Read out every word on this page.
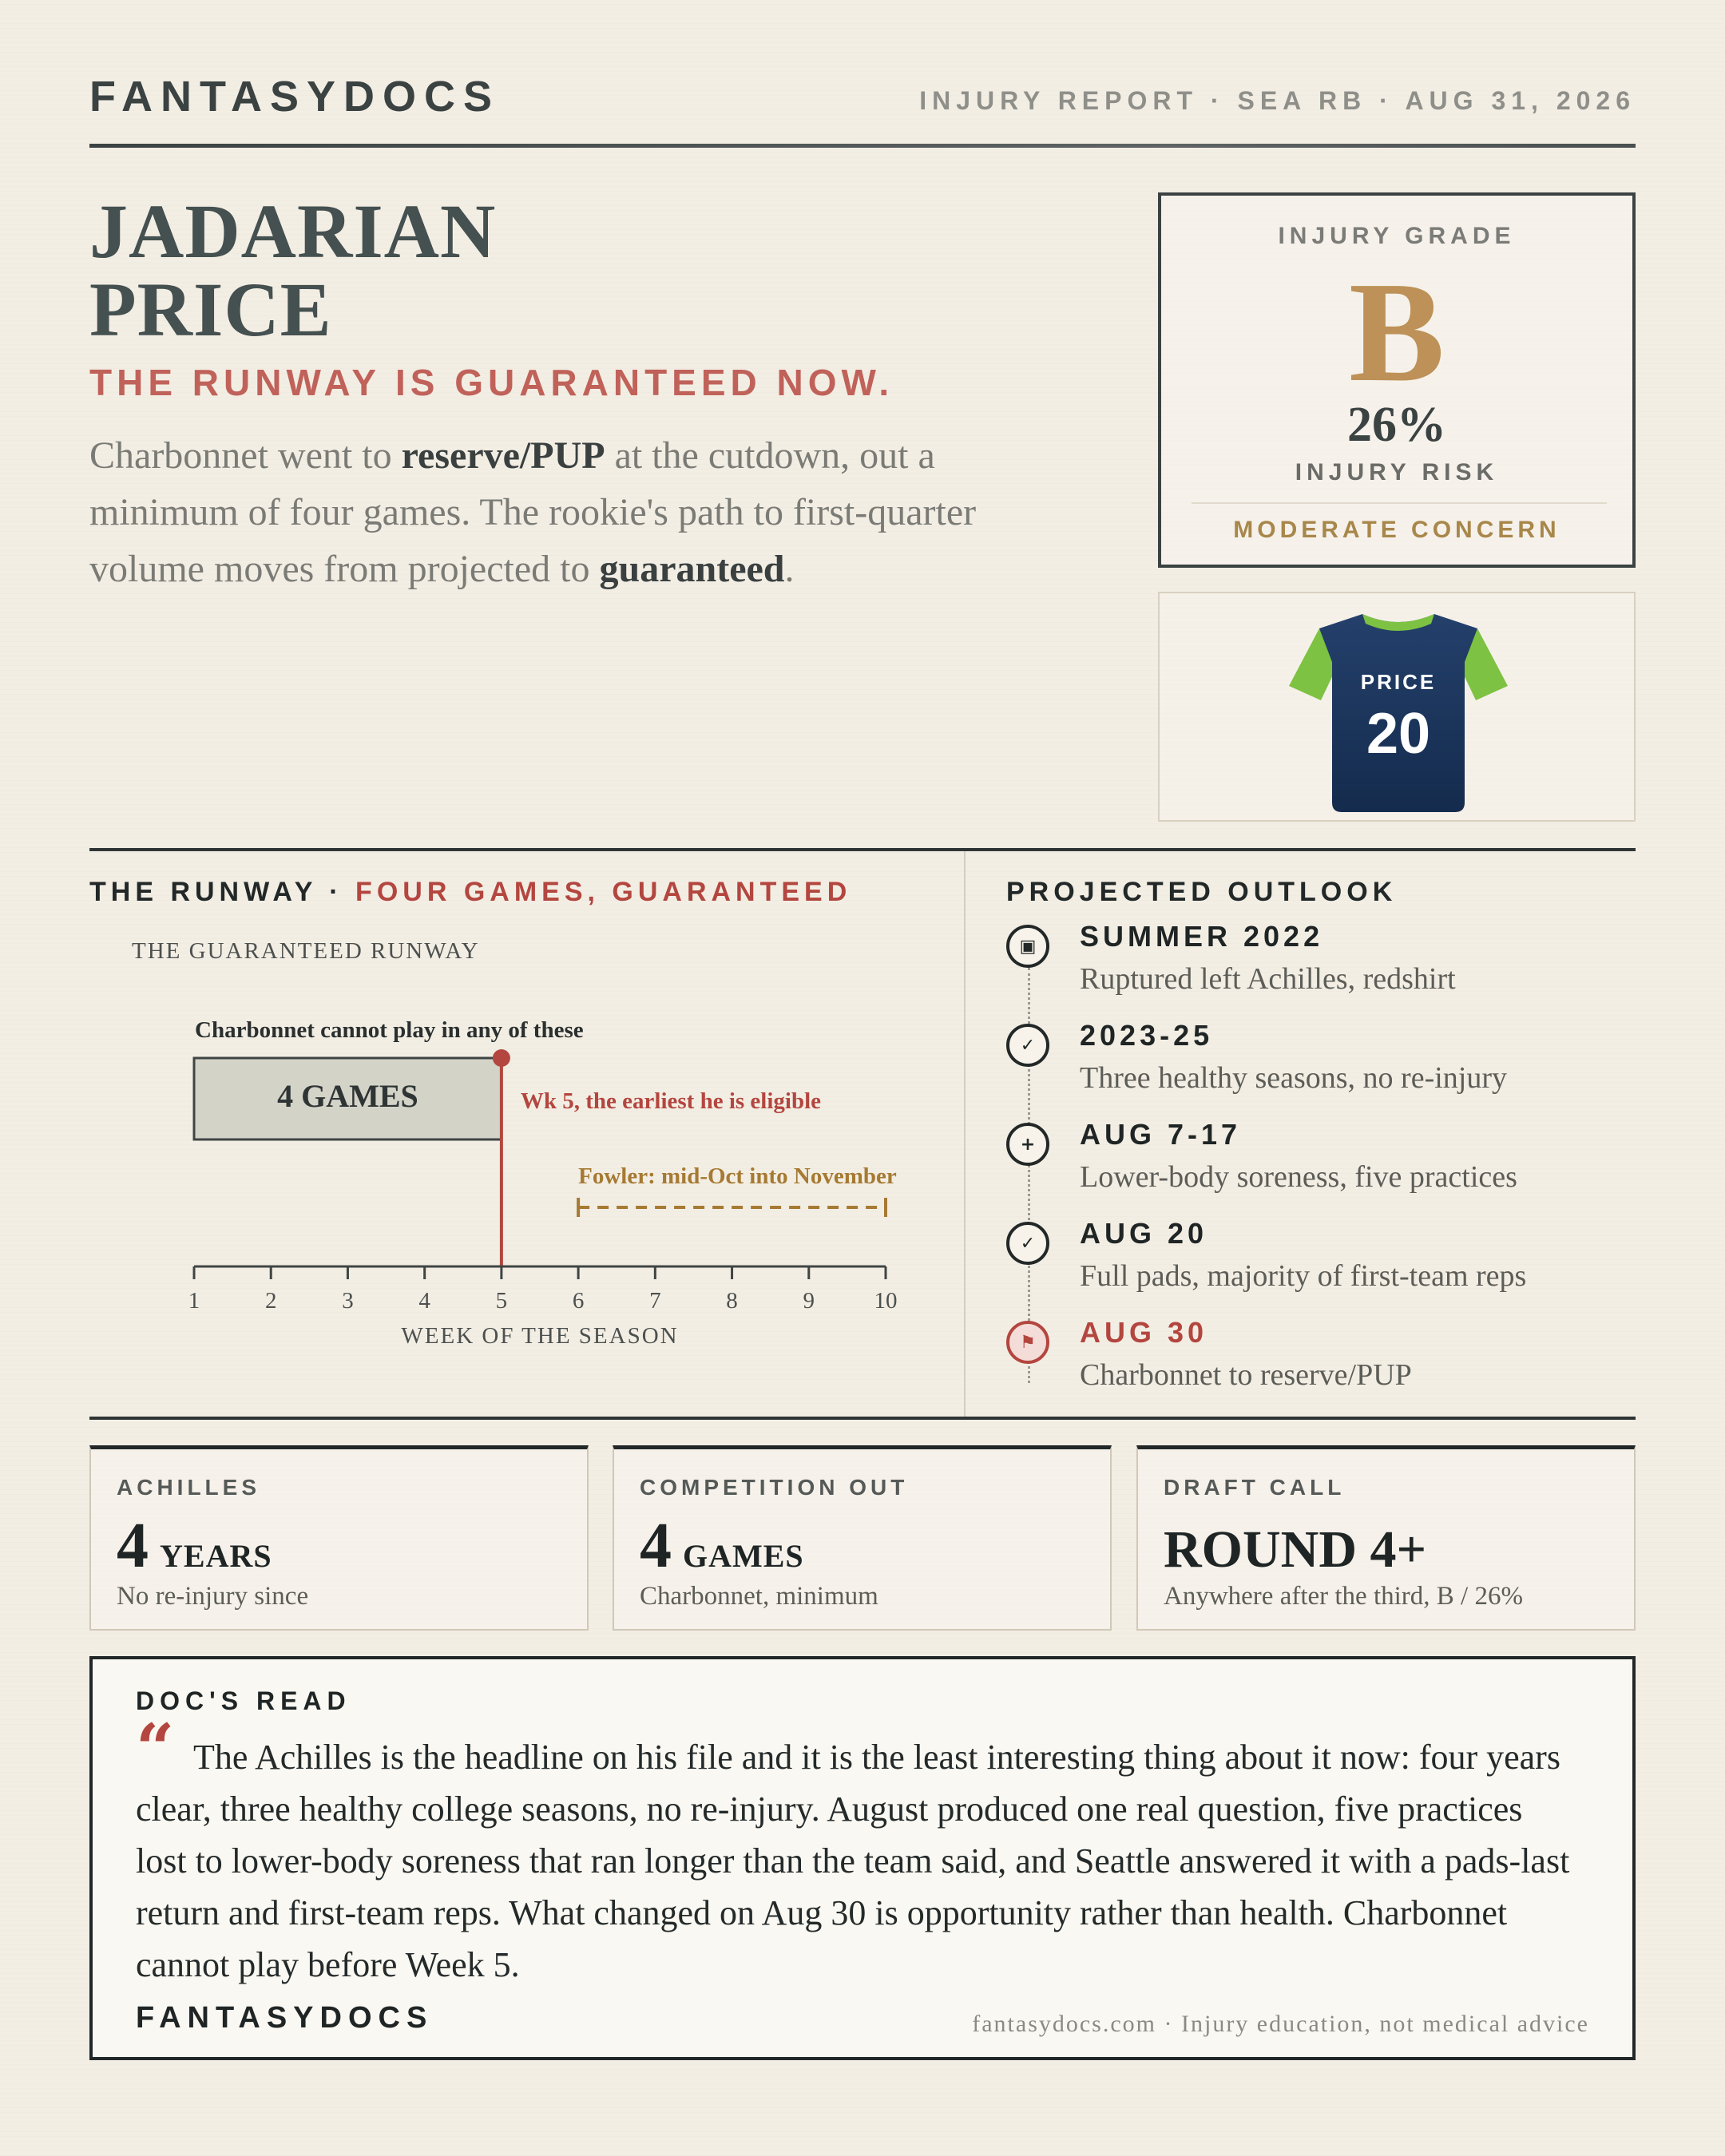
FANTASYDOCS	INJURY REPORT · SEA RB · AUG 31, 2026
JADARIAN
PRICE
THE RUNWAY IS GUARANTEED NOW.
Charbonnet went to reserve/PUP at the cutdown, out a minimum of four games. The rookie's path to first-quarter volume moves from projected to guaranteed.
INJURY GRADE
B
26%
INJURY RISK
MODERATE CONCERN
PRICE
20
THE RUNWAY · FOUR GAMES, GUARANTEED
THE GUARANTEED RUNWAY
Charbonnet cannot play in any of these
4 GAMES	Wk 5, the earliest he is eligible
Fowler: mid-Oct into November
1	2	3	4	5	6	7	8	9	10
WEEK OF THE SEASON
PROJECTED OUTLOOK
▣	SUMMER 2022
Ruptured left Achilles, redshirt
✓	2023-25
Three healthy seasons, no re-injury
+	AUG 7-17
Lower-body soreness, five practices
✓	AUG 20
Full pads, majority of first-team reps
⚑	AUG 30
Charbonnet to reserve/PUP
ACHILLES
4 YEARS
No re-injury since
COMPETITION OUT
4 GAMES
Charbonnet, minimum
DRAFT CALL
ROUND 4+
Anywhere after the third, B / 26%
DOC'S READ
“ The Achilles is the headline on his file and it is the least interesting thing about it now: four years clear, three healthy college seasons, no re-injury. August produced one real question, five practices lost to lower-body soreness that ran longer than the team said, and Seattle answered it with a pads-last return and first-team reps. What changed on Aug 30 is opportunity rather than health. Charbonnet cannot play before Week 5.
FANTASYDOCS	fantasydocs.com · Injury education, not medical advice
